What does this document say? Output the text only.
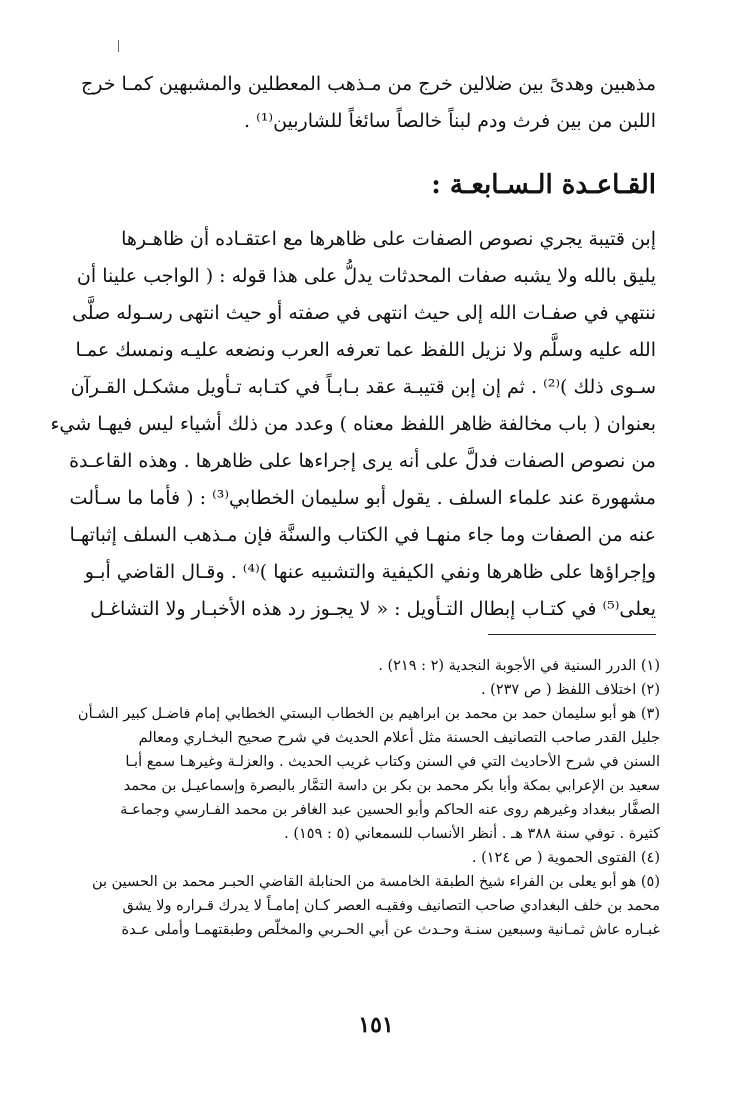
مذهبين وهدىً بين ضلالين خرج من مـذهب المعطلين والمشبهين كمـا خرج
اللبن من بين فرث ودم لبناً خالصاً سائغاً للشاربين⁽¹⁾ .
القـاعـدة الـسـابعـة :
إبن قتيبة يجري نصوص الصفات على ظاهرها مع اعتقـاده أن ظاهـرها
يليق بالله ولا يشبه صفات المحدثات يدلُّ على هذا قوله : ( الواجب علينا أن
ننتهي في صفـات الله إلى حيث انتهى في صفته أو حيث انتهى رسـوله صلَّى
الله عليه وسلَّم ولا نزيل اللفظ عما تعرفه العرب ونضعه عليـه ونمسك عمـا
سـوى ذلك )⁽²⁾ . ثم إن إبن قتيبـة عقد بـابـاً في كتـابه تـأويل مشكـل القـرآن
بعنوان ( باب مخالفة ظاهر اللفظ معناه ) وعدد من ذلك أشياء ليس فيهـا شيء
من نصوص الصفات فدلَّ على أنه يرى إجراءها على ظاهرها . وهذه القاعـدة
مشهورة عند علماء السلف . يقول أبو سليمان الخطابي⁽³⁾ : ( فأما ما سـألت
عنه من الصفات وما جاء منهـا في الكتاب والسنَّة فإن مـذهب السلف إثباتهـا
وإجراؤها على ظاهرها ونفي الكيفية والتشبيه عنها )⁽⁴⁾ . وقـال القاضي أبـو
يعلى⁽⁵⁾ في كتـاب إبطال التـأويل : « لا يجـوز رد هذه الأخبـار ولا التشاغـل
(١) الدرر السنية في الأجوبة النجدية (٢ : ٢١٩) .
(٢) اختلاف اللفظ ( ص ٢٣٧) .
(٣) هو أبو سليمان حمد بن محمد بن ابراهيم بن الخطاب البستي الخطابي إمام فاضـل كبير الشـأن
جليل القدر صاحب التصانيف الحسنة مثل أعلام الحديث في شرح صحيح البخـاري ومعالم
السنن في شرح الأحاديث التي في السنن وكتاب غريب الحديث . والعزلـة وغيرهـا سمع أبـا
سعيد بن الإعرابي بمكة وأبا بكر محمد بن بكر بن داسة التمَّار بالبصرة وإسماعيـل بن محمد
الصفَّار ببغداد وغيرهم روى عنه الحاكم وأبو الحسين عبد الغافر بن محمد الفـارسي وجماعـة
كثيرة . توفي سنة ٣٨٨ هـ . أنظر الأنساب للسمعاني (٥ : ١٥٩) .
(٤) الفتوى الحموية ( ص ١٢٤) .
(٥) هو أبو يعلى بن الفراء شيخ الطبقة الخامسة من الحنابلة القاضي الحبـر محمد بن الحسين بن
محمد بن خلف البغدادي صاحب التصانيف وفقيـه العصر كـان إمامـاً لا يدرك قـراره ولا يشق
غبـاره عاش ثمـانية وسبعين سنـة وحـدث عن أبي الحـربي والمخلّص وطبقتهمـا وأملى عـدة
١٥١
